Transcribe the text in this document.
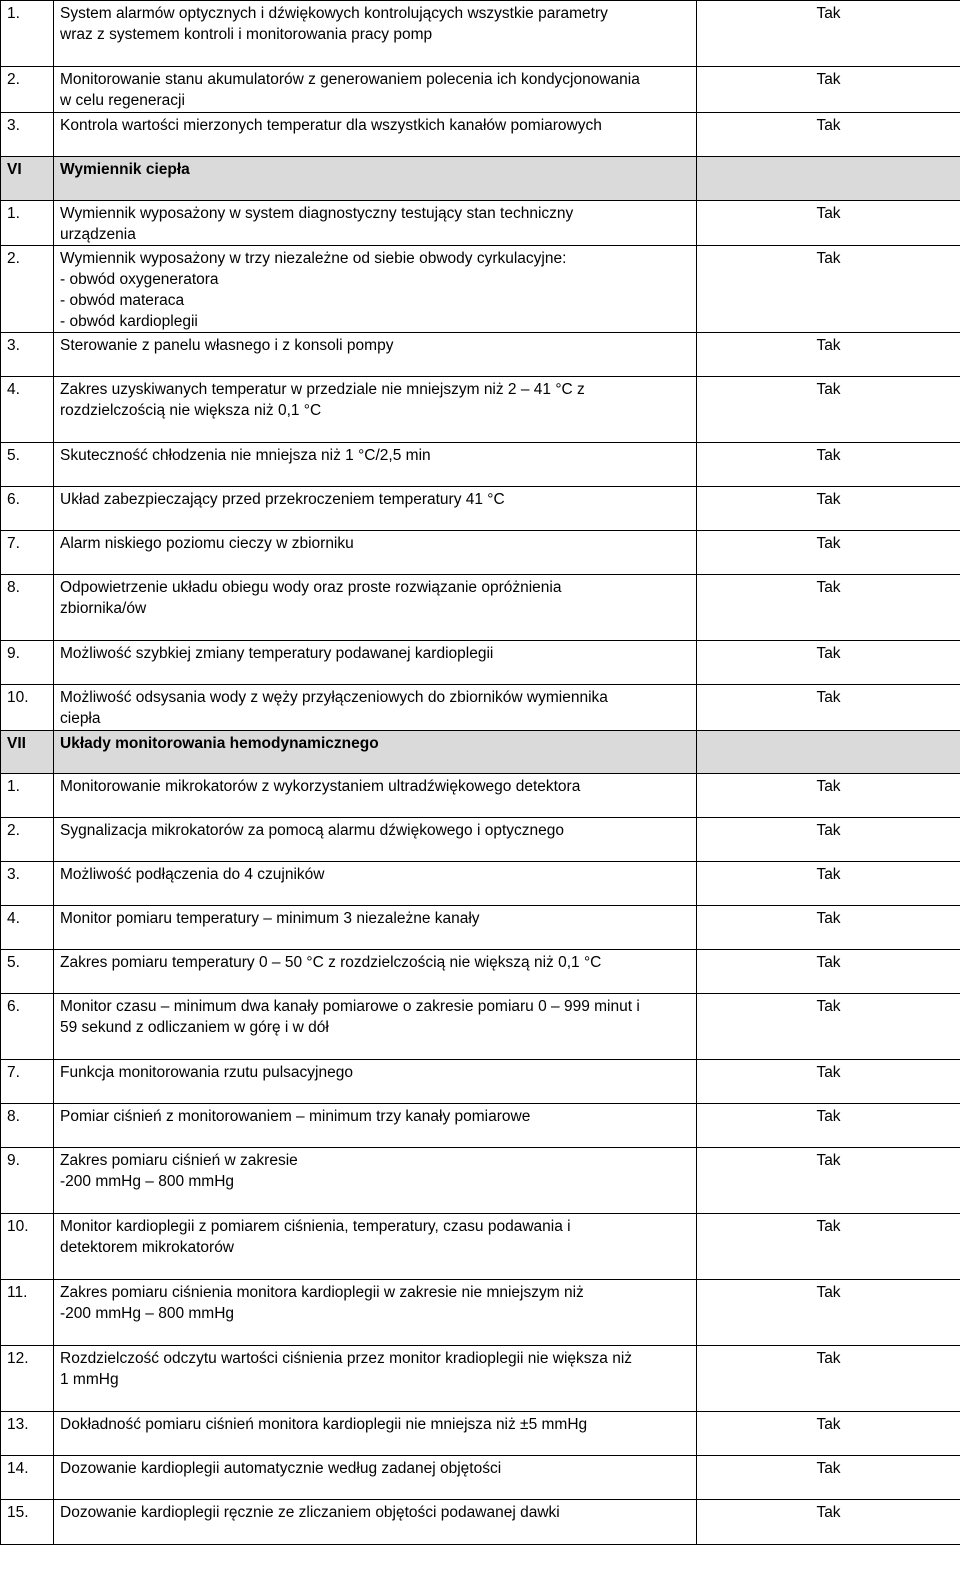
1.	System alarmów optycznych i dźwiękowych kontrolujących wszystkie parametry
wraz z systemem kontroli i monitorowania pracy pomp	Tak
2.	Monitorowanie stanu akumulatorów z generowaniem polecenia ich kondycjonowania
w celu regeneracji	Tak
3.	Kontrola wartości mierzonych temperatur dla wszystkich kanałów pomiarowych	Tak
VI	Wymiennik ciepła	

1.	Wymiennik wyposażony w system diagnostyczny testujący stan techniczny
urządzenia	Tak
2.	Wymiennik wyposażony w trzy niezależne od siebie obwody cyrkulacyjne:
- obwód oxygeneratora
- obwód materaca
- obwód kardioplegii	Tak
3.	Sterowanie z panelu własnego i z konsoli pompy	Tak
4.	Zakres uzyskiwanych temperatur w przedziale nie mniejszym niż 2 – 41 °C z
rozdzielczością nie większa niż 0,1 °C	Tak
5.	Skuteczność chłodzenia nie mniejsza niż 1 °C/2,5 min	Tak
6.	Układ zabezpieczający przed przekroczeniem temperatury 41 °C	Tak
7.	Alarm niskiego poziomu cieczy w zbiorniku	Tak
8.	Odpowietrzenie układu obiegu wody oraz proste rozwiązanie opróżnienia
zbiornika/ów	Tak
9.	Możliwość szybkiej zmiany temperatury podawanej kardioplegii	Tak
10.	Możliwość odsysania wody z węży przyłączeniowych do zbiorników wymiennika
ciepła	Tak
VII	Układy monitorowania hemodynamicznego	

1.	Monitorowanie mikrokatorów z wykorzystaniem ultradźwiękowego detektora	Tak
2.	Sygnalizacja mikrokatorów za pomocą alarmu dźwiękowego i optycznego	Tak
3.	Możliwość podłączenia do 4 czujników	Tak
4.	Monitor pomiaru temperatury – minimum 3 niezależne kanały	Tak
5.	Zakres pomiaru temperatury 0 – 50 °C z rozdzielczością nie większą niż 0,1 °C	Tak
6.	Monitor czasu – minimum dwa kanały pomiarowe o zakresie pomiaru 0 – 999 minut i
59 sekund z odliczaniem w górę i w dół	Tak
7.	Funkcja monitorowania rzutu pulsacyjnego	Tak
8.	Pomiar ciśnień z monitorowaniem – minimum trzy kanały pomiarowe	Tak
9.	Zakres pomiaru ciśnień w zakresie
-200 mmHg – 800 mmHg	Tak
10.	Monitor kardioplegii z pomiarem ciśnienia, temperatury, czasu podawania i
detektorem mikrokatorów	Tak
11.	Zakres pomiaru ciśnienia monitora kardioplegii w zakresie nie mniejszym niż
-200 mmHg – 800 mmHg	Tak
12.	Rozdzielczość odczytu wartości ciśnienia przez monitor kradioplegii nie większa niż
1 mmHg	Tak
13.	Dokładność pomiaru ciśnień monitora kardioplegii nie mniejsza niż ±5 mmHg	Tak
14.	Dozowanie kardioplegii automatycznie według zadanej objętości	Tak
15.	Dozowanie kardioplegii ręcznie ze zliczaniem objętości podawanej dawki	Tak
